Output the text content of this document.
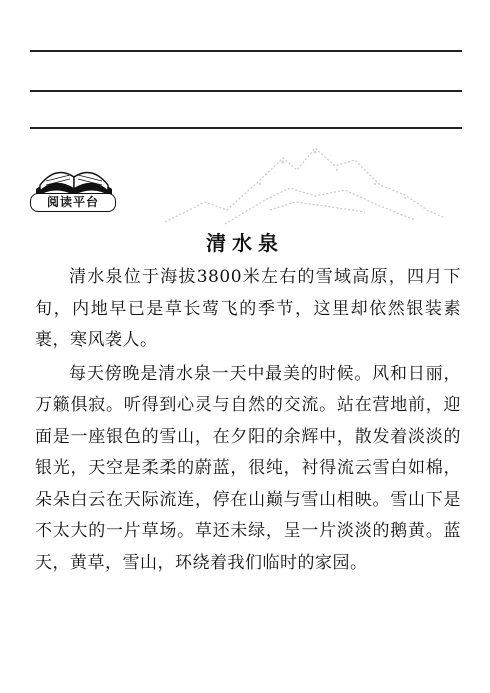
阅读平台
清水泉

清水泉位于海拔3800米左右的雪域高原，四月下旬，内地早已是草长莺飞的季节，这里却依然银装素裹，寒风袭人。

每天傍晚是清水泉一天中最美的时候。风和日丽，万籁俱寂。听得到心灵与自然的交流。站在营地前，迎面是一座银色的雪山，在夕阳的余辉中，散发着淡淡的银光，天空是柔柔的蔚蓝，很纯，衬得流云雪白如棉，朵朵白云在天际流连，停在山巅与雪山相映。雪山下是不太大的一片草场。草还未绿，呈一片淡淡的鹅黄。蓝天，黄草，雪山，环绕着我们临时的家园。
